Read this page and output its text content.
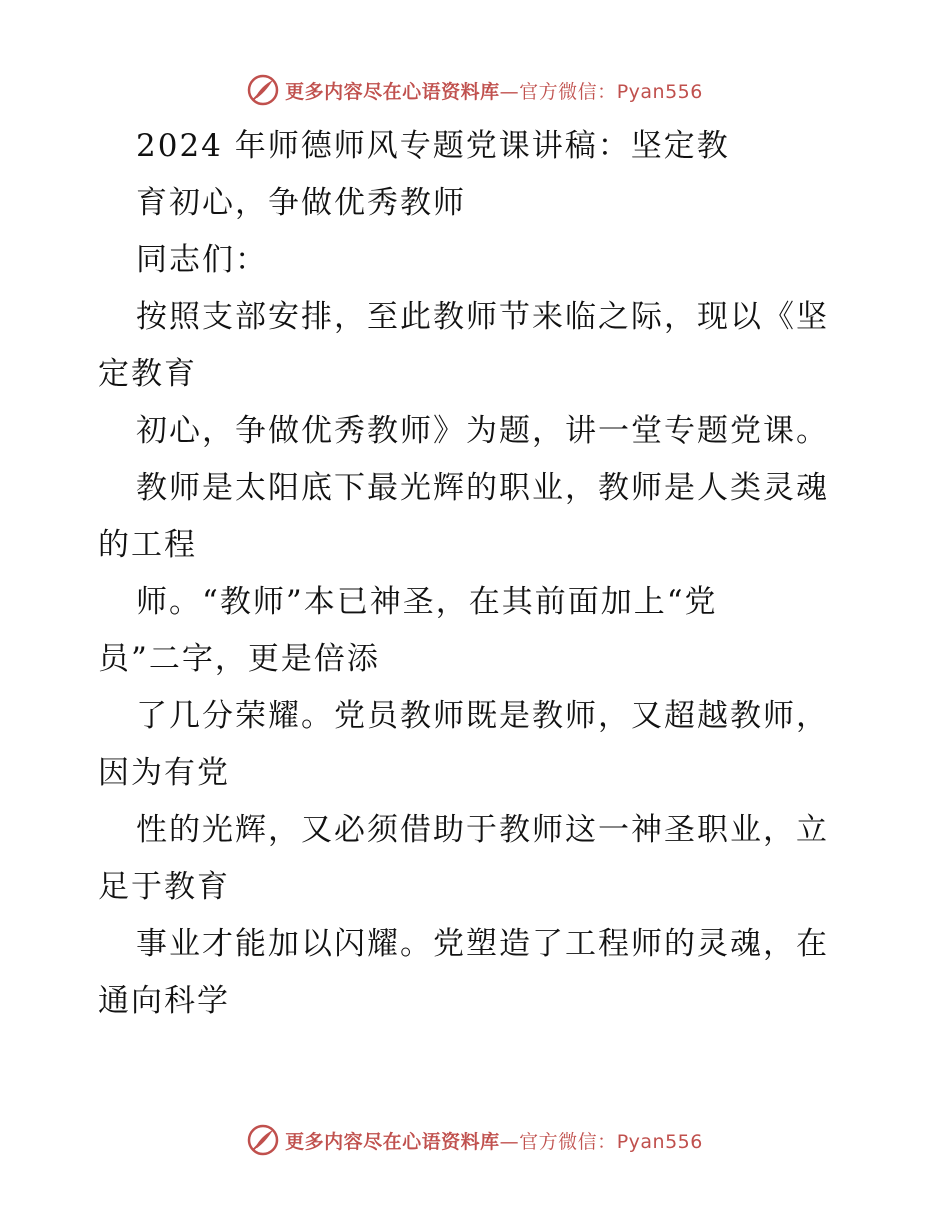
更多内容尽在心语资料库—官方微信：Pyan556
2024 年师德师风专题党课讲稿：坚定教
育初心，争做优秀教师
同志们：
按照支部安排，至此教师节来临之际，现以《坚
定教育
初心，争做优秀教师》为题，讲一堂专题党课。
教师是太阳底下最光辉的职业，教师是人类灵魂
的工程
师。“教师”本已神圣，在其前面加上“党
员”二字，更是倍添
了几分荣耀。党员教师既是教师，又超越教师，
因为有党
性的光辉，又必须借助于教师这一神圣职业，立
足于教育
事业才能加以闪耀。党塑造了工程师的灵魂，在
通向科学
更多内容尽在心语资料库—官方微信：Pyan556
